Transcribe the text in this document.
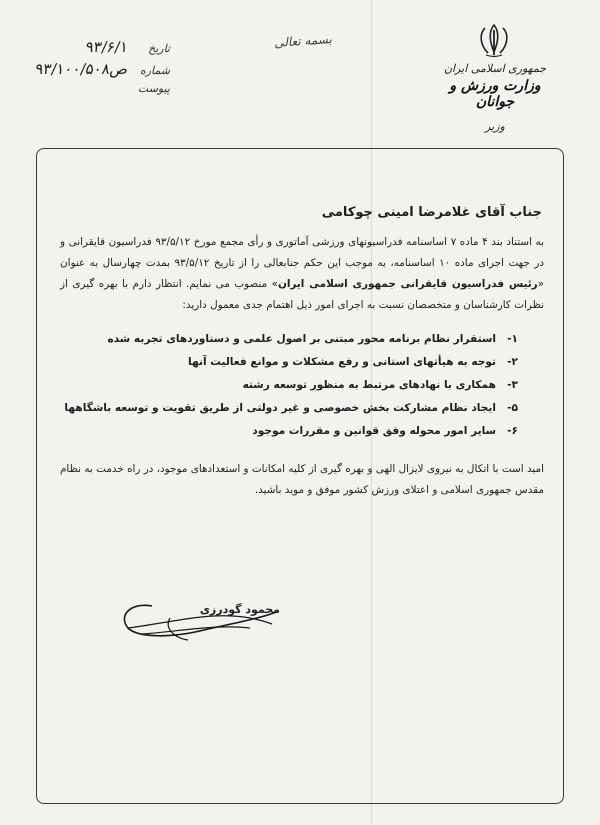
تاریخ
۹۳/۶/۱
شماره
۹۳/ص۱۰۰/۵۰۸
پیوست
بسمه تعالی
جمهوری اسلامی ایران
وزارت ورزش و جوانان
وزیر
جناب آقای غلامرضا امینی چوکامی
به استناد بند ۴ ماده ۷ اساسنامه فدراسیونهای ورزشی آماتوری و رأی مجمع مورخ ۹۳/۵/۱۲ فدراسیون قایقرانی و در جهت اجرای ماده ۱۰ اساسنامه، به موجب این حکم جنابعالی را از تاریخ ۹۳/۵/۱۲ بمدت چهارسال به عنوان «رئیس فدراسیون قایقرانی جمهوری اسلامی ایران» منصوب می نمایم. انتظار دارم با بهره گیری از نظرات کارشناسان و متخصصان نسبت به اجرای امور ذیل اهتمام جدی معمول دارید:
۱-
استقرار نظام برنامه محور مبتنی بر اصول علمی و دستاوردهای تجربه شده
۲-
توجه به هیأتهای استانی و رفع مشکلات و موانع فعالیت آنها
۳-
همکاری با نهادهای مرتبط به منظور توسعه رشته
۵-
ایجاد نظام مشارکت بخش خصوصی و غیر دولتی از طریق تقویت و توسعه باشگاهها
۶-
سایر امور محوله وفق قوانین و مقررات موجود
امید است با اتکال به نیروی لایزال الهی و بهره گیری از کلیه امکانات و استعدادهای موجود، در راه خدمت به نظام مقدس جمهوری اسلامی و اعتلای ورزش کشور موفق و موید باشید.
محمود گودرزی
